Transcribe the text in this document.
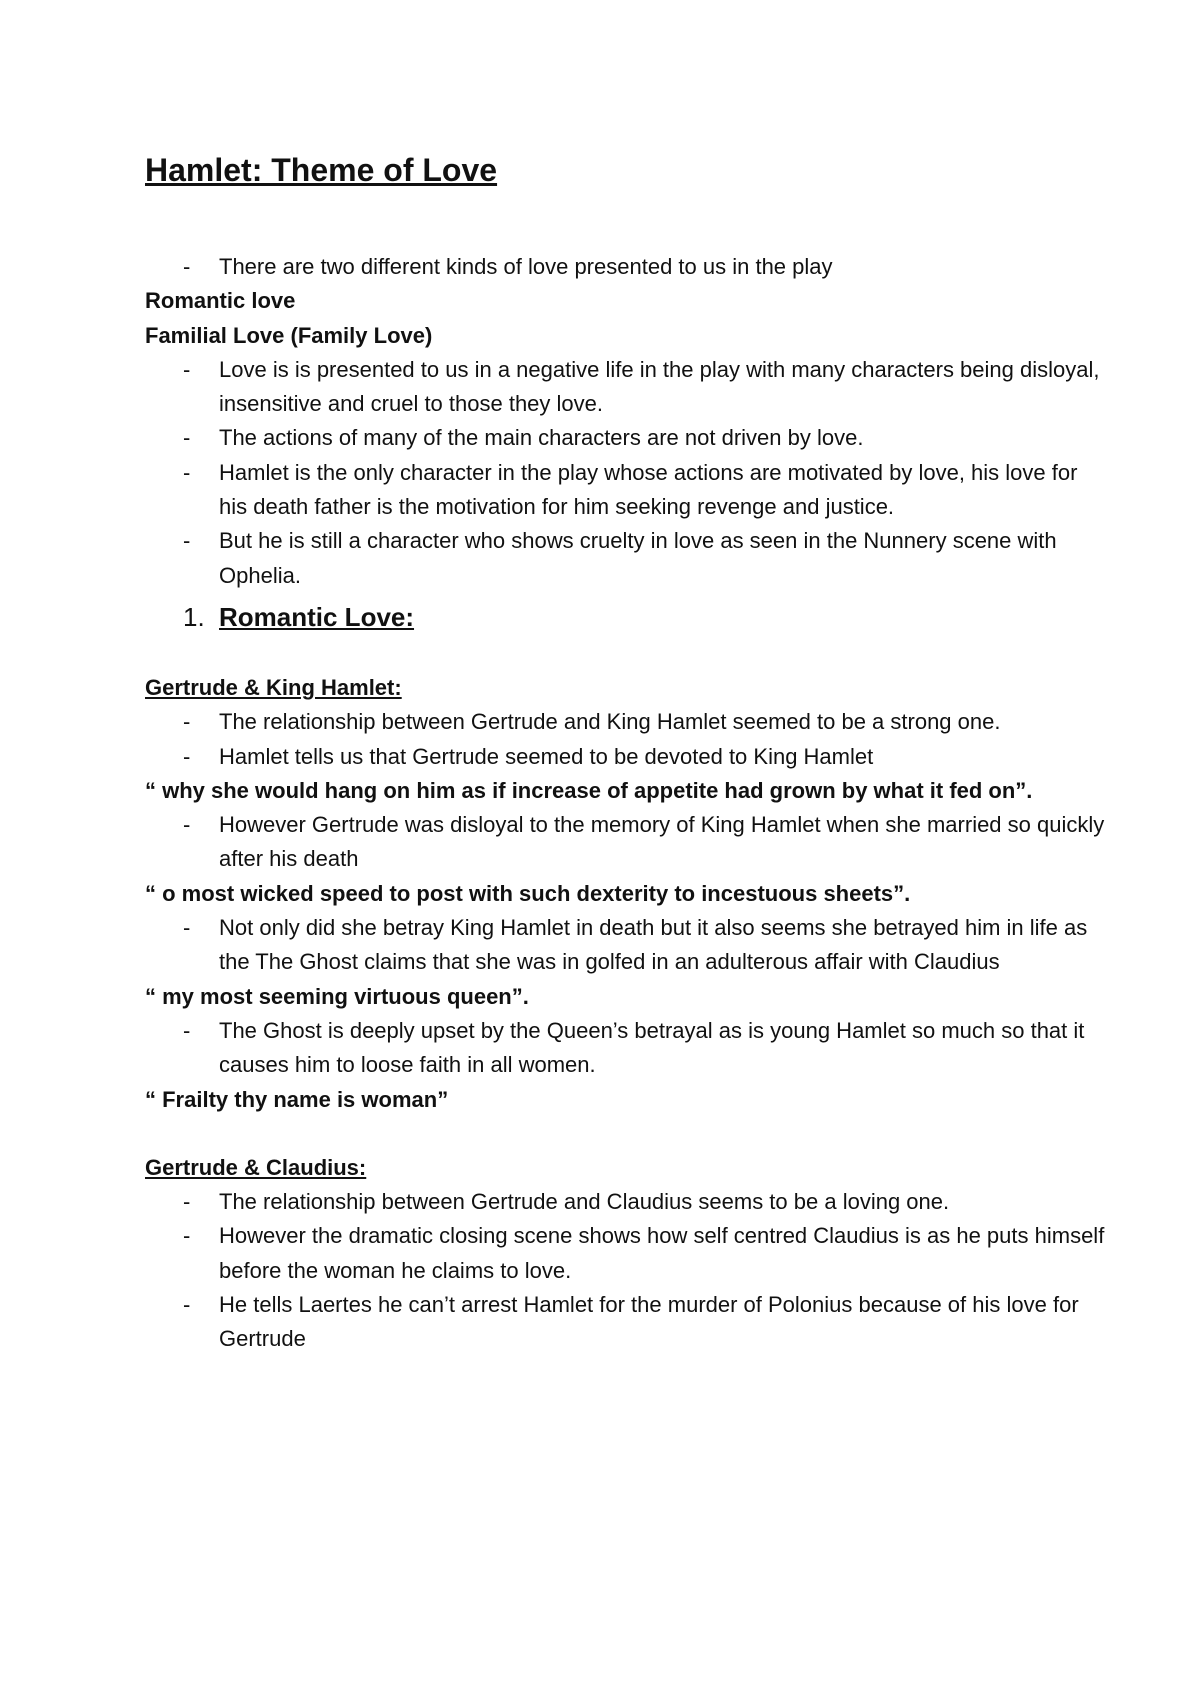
Hamlet: Theme of Love

- There are two different kinds of love presented to us in the play

Romantic love

Familial Love (Family Love)

- Love is is presented to us in a negative life in the play with many characters being disloyal, insensitive and cruel to those they love.

- The actions of many of the main characters are not driven by love.

- Hamlet is the only character in the play whose actions are motivated by love, his love for his death father is the motivation for him seeking revenge and justice.

- But he is still a character who shows cruelty in love as seen in the Nunnery scene with Ophelia.

1. Romantic Love:

Gertrude & King Hamlet:

- The relationship between Gertrude and King Hamlet seemed to be a strong one.

- Hamlet tells us that Gertrude seemed to be devoted to King Hamlet

“ why she would hang on him as if increase of appetite had grown by what it fed on”.

- However Gertrude was disloyal to the memory of King Hamlet when she married so quickly after his death

“ o most wicked speed to post with such dexterity to incestuous sheets”.

- Not only did she betray King Hamlet in death but it also seems she betrayed him in life as the The Ghost claims that she was in golfed in an adulterous affair with Claudius

“ my most seeming virtuous queen”.

- The Ghost is deeply upset by the Queen’s betrayal as is young Hamlet so much so that it causes him to loose faith in all women.

“ Frailty thy name is woman”

Gertrude & Claudius:

- The relationship between Gertrude and Claudius seems to be a loving one.

- However the dramatic closing scene shows how self centred Claudius is as he puts himself before the woman he claims to love.

- He tells Laertes he can’t arrest Hamlet for the murder of Polonius because of his love for Gertrude
